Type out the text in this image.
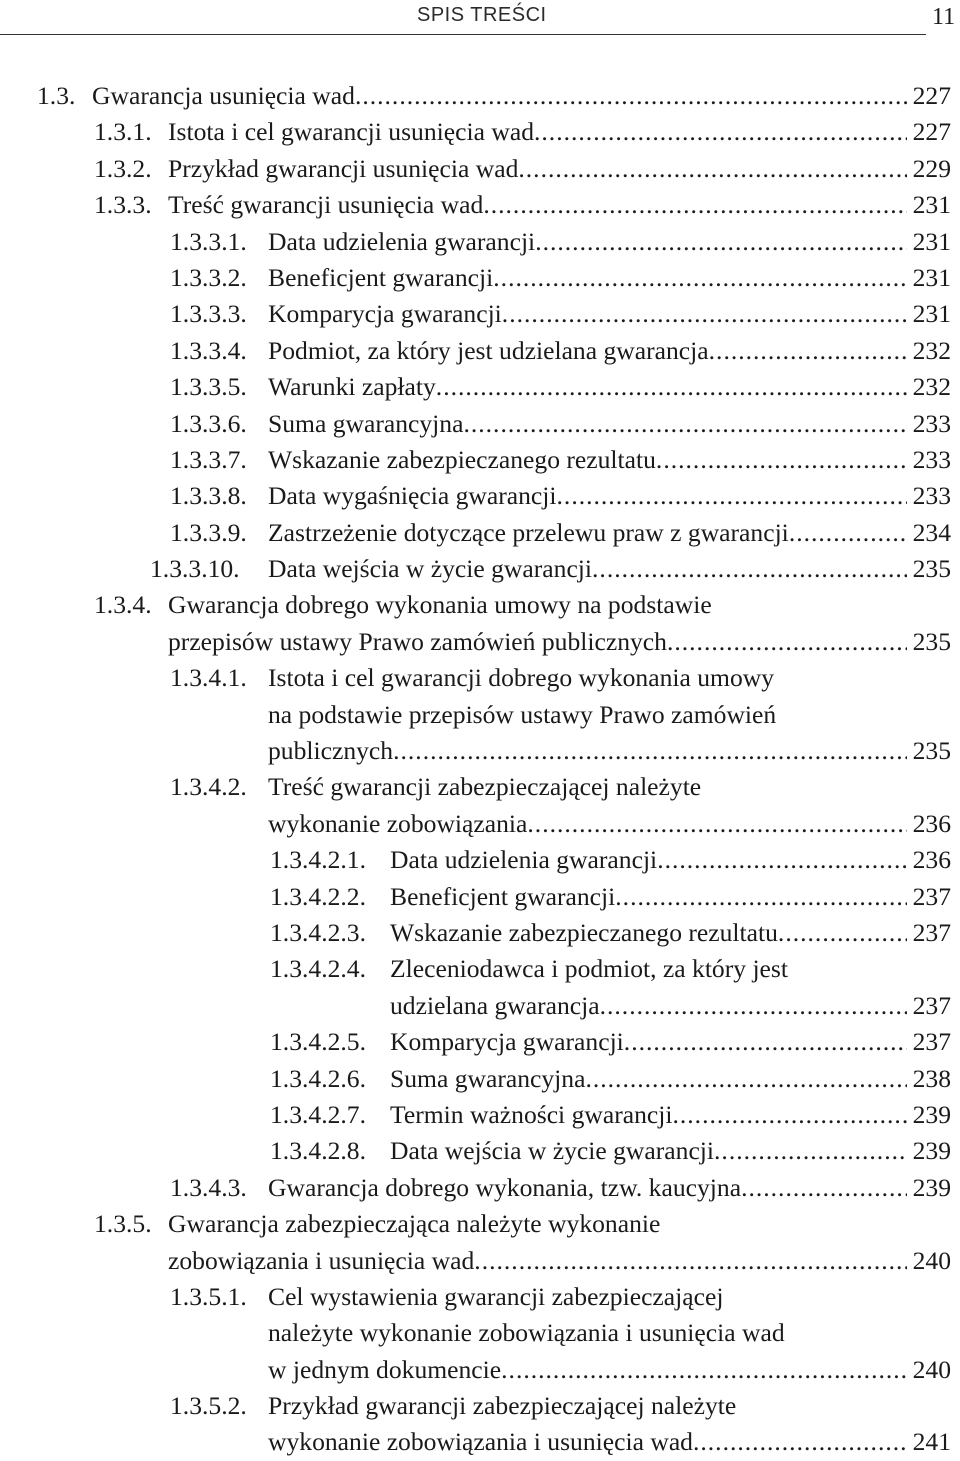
SPIS TREŚCI	11
1.3. Gwarancja usunięcia wad .....	227
1.3.1. Istota i cel gwarancji usunięcia wad .....	227
1.3.2. Przykład gwarancji usunięcia wad .....	229
1.3.3. Treść gwarancji usunięcia wad .....	231
1.3.3.1. Data udzielenia gwarancji .....	231
1.3.3.2. Beneficjent gwarancji .....	231
1.3.3.3. Komparycja gwarancji .....	231
1.3.3.4. Podmiot, za który jest udzielana gwarancja .....	232
1.3.3.5. Warunki zapłaty .....	232
1.3.3.6. Suma gwarancyjna .....	233
1.3.3.7. Wskazanie zabezpieczanego rezultatu .....	233
1.3.3.8. Data wygaśnięcia gwarancji .....	233
1.3.3.9. Zastrzeżenie dotyczące przelewu praw z gwarancji .....	234
1.3.3.10. Data wejścia w życie gwarancji .....	235
1.3.4. Gwarancja dobrego wykonania umowy na podstawie
przepisów ustawy Prawo zamówień publicznych .....	235
1.3.4.1. Istota i cel gwarancji dobrego wykonania umowy
na podstawie przepisów ustawy Prawo zamówień
publicznych .....	235
1.3.4.2. Treść gwarancji zabezpieczającej należyte
wykonanie zobowiązania .....	236
1.3.4.2.1. Data udzielenia gwarancji .....	236
1.3.4.2.2. Beneficjent gwarancji .....	237
1.3.4.2.3. Wskazanie zabezpieczanego rezultatu .....	237
1.3.4.2.4. Zleceniodawca i podmiot, za który jest
udzielana gwarancja .....	237
1.3.4.2.5. Komparycja gwarancji .....	237
1.3.4.2.6. Suma gwarancyjna .....	238
1.3.4.2.7. Termin ważności gwarancji .....	239
1.3.4.2.8. Data wejścia w życie gwarancji .....	239
1.3.4.3. Gwarancja dobrego wykonania, tzw. kaucyjna .....	239
1.3.5. Gwarancja zabezpieczająca należyte wykonanie
zobowiązania i usunięcia wad .....	240
1.3.5.1. Cel wystawienia gwarancji zabezpieczającej
należyte wykonanie zobowiązania i usunięcia wad
w jednym dokumencie .....	240
1.3.5.2. Przykład gwarancji zabezpieczającej należyte
wykonanie zobowiązania i usunięcia wad .....	241
